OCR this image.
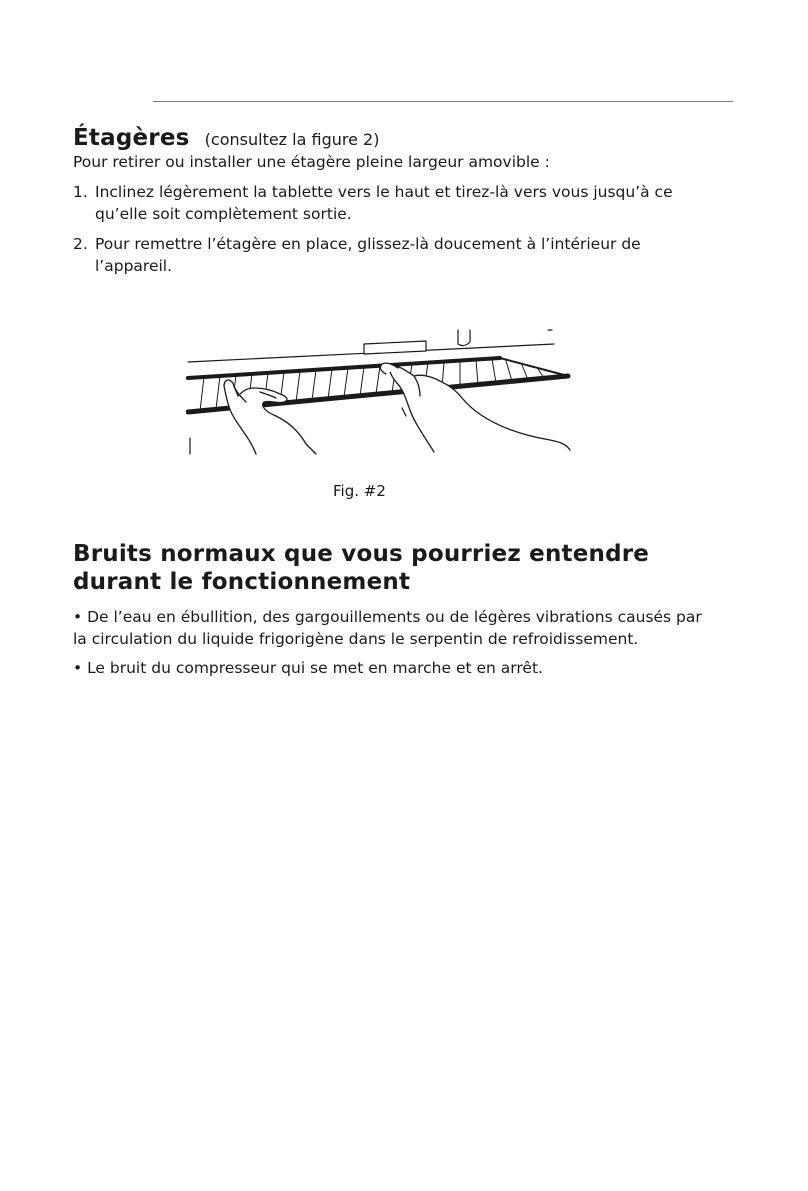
Étagères (consultez la figure 2)

Pour retirer ou installer une étagère pleine largeur amovible :

1. Inclinez légèrement la tablette vers le haut et tirez-là vers vous jusqu’à ce
qu’elle soit complètement sortie.
2. Pour remettre l’étagère en place, glissez-là doucement à l’intérieur de
l’appareil.

Fig. #2

Bruits normaux que vous pourriez entendre
durant le fonctionnement
• De l’eau en ébullition, des gargouillements ou de légères vibrations causés par
la circulation du liquide frigorigène dans le serpentin de refroidissement.
• Le bruit du compresseur qui se met en marche et en arrêt.
